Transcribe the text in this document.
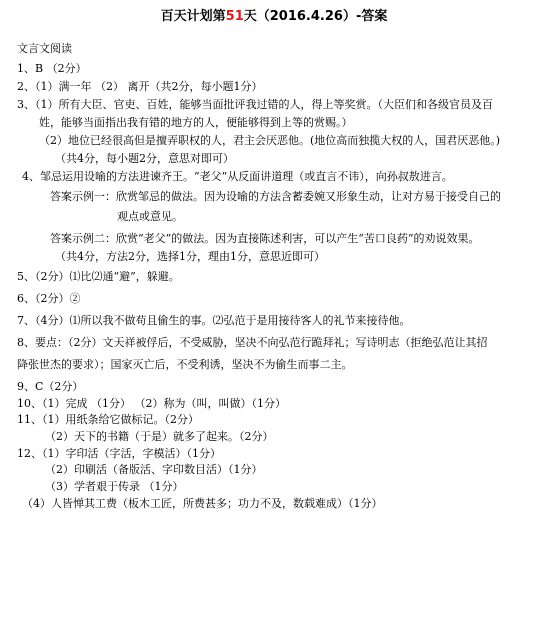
百天计划第51天（2016.4.26）-答案
文言文阅读
1、B （2分）
2、（1）满一年 （2） 离开（共2分，每小题1分）
3、（1）所有大臣、官吏、百姓，能够当面批评我过错的人，得上等奖赏。（大臣们和各级官员及百
姓，能够当面指出我有错的地方的人，便能够得到上等的赏赐。）
（2）地位已经很高但是擅弄职权的人，君主会厌恶他。(地位高而独揽大权的人，国君厌恶他。)
（共4分，每小题2分，意思对即可）
4、邹忌运用设喻的方法进谏齐王。“老父”从反面讲道理（或直言不讳），向孙叔敖进言。
答案示例一：欣赏邹忌的做法。因为设喻的方法含蓄委婉又形象生动，让对方易于接受自己的
观点或意见。
答案示例二：欣赏“老父”的做法。因为直接陈述利害，可以产生“苦口良药”的劝说效果。
（共4分，方法2分，选择1分，理由1分，意思近即可）
5、（2分）⑴比⑵通“避”，躲避。
6、（2分）②
7、（4分）⑴所以我不做苟且偷生的事。⑵弘范于是用接待客人的礼节来接待他。
8、要点：（2分）文天祥被俘后，不受威胁，坚决不向弘范行跪拜礼；写诗明志（拒绝弘范让其招
降张世杰的要求）；国家灭亡后，不受利诱，坚决不为偷生而事二主。
9、C（2分）
10、（1）完成 （1分） （2）称为（叫，叫做）（1分）
11、（1）用纸条给它做标记。（2分）
（2）天下的书籍（于是）就多了起来。（2分）
12、（1）字印活（字活，字模活）（1分）
（2）印刷活（备版活、字印数目活）（1分）
（3）学者艰于传录 （1分）
（4）人皆惮其工费（板木工匠，所费甚多；功力不及，数载难成）（1分）
